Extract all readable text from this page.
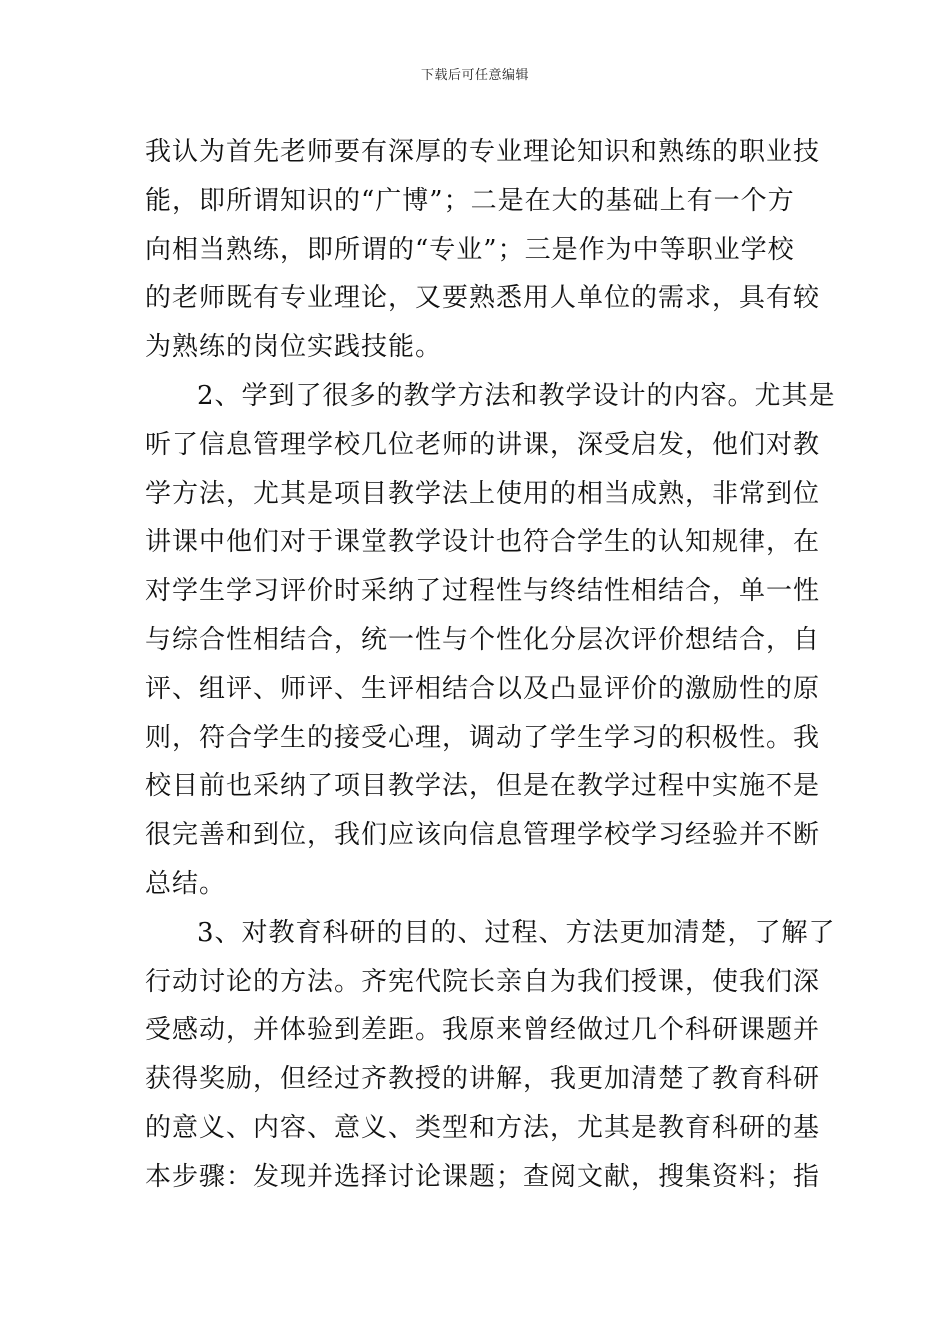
下载后可任意编辑
我认为首先老师要有深厚的专业理论知识和熟练的职业技
能，即所谓知识的“广博”；二是在大的基础上有一个方
向相当熟练，即所谓的“专业”；三是作为中等职业学校
的老师既有专业理论，又要熟悉用人单位的需求，具有较
为熟练的岗位实践技能。
2、学到了很多的教学方法和教学设计的内容。尤其是
听了信息管理学校几位老师的讲课，深受启发，他们对教
学方法，尤其是项目教学法上使用的相当成熟，非常到位
讲课中他们对于课堂教学设计也符合学生的认知规律，在
对学生学习评价时采纳了过程性与终结性相结合，单一性
与综合性相结合，统一性与个性化分层次评价想结合，自
评、组评、师评、生评相结合以及凸显评价的激励性的原
则，符合学生的接受心理，调动了学生学习的积极性。我
校目前也采纳了项目教学法，但是在教学过程中实施不是
很完善和到位，我们应该向信息管理学校学习经验并不断
总结。
3、对教育科研的目的、过程、方法更加清楚，了解了
行动讨论的方法。齐宪代院长亲自为我们授课，使我们深
受感动，并体验到差距。我原来曾经做过几个科研课题并
获得奖励，但经过齐教授的讲解，我更加清楚了教育科研
的意义、内容、意义、类型和方法，尤其是教育科研的基
本步骤：发现并选择讨论课题；查阅文献，搜集资料；指
